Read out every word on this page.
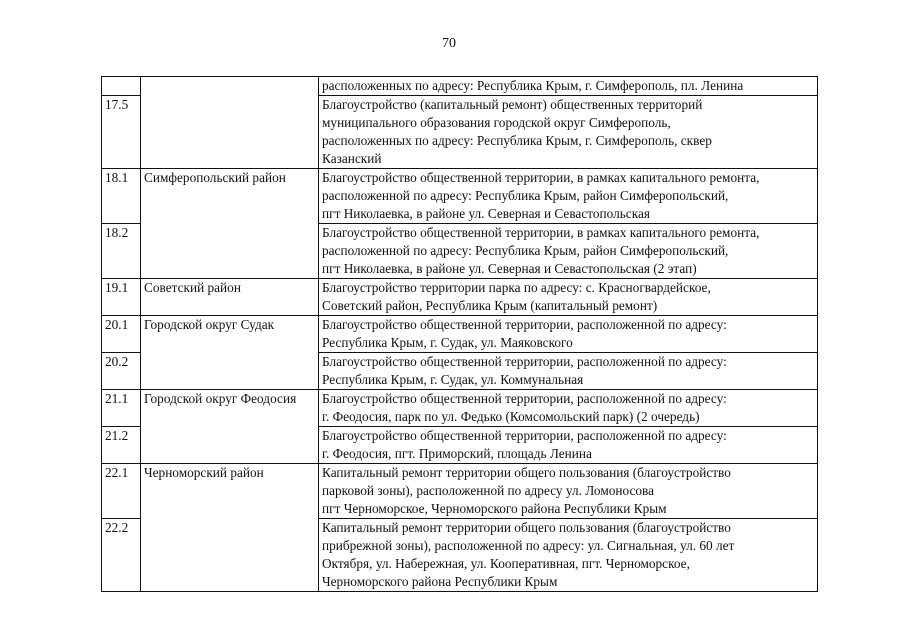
70
		расположенных по адресу: Республика Крым, г. Симферополь, пл. Ленина
17.5		Благоустройство (капитальный ремонт) общественных территорий
муниципального образования городской округ Симферополь,
расположенных по адресу: Республика Крым, г. Симферополь, сквер
Казанский
18.1	Симферопольский район	Благоустройство общественной территории, в рамках капитального ремонта,
расположенной по адресу: Республика Крым, район Симферопольский,
пгт Николаевка, в районе ул. Северная и Севастопольская
18.2		Благоустройство общественной территории, в рамках капитального ремонта,
расположенной по адресу: Республика Крым, район Симферопольский,
пгт Николаевка, в районе ул. Северная и Севастопольская (2 этап)
19.1	Советский район	Благоустройство территории парка по адресу: с. Красногвардейское,
Советский район, Республика Крым (капитальный ремонт)
20.1	Городской округ Судак	Благоустройство общественной территории, расположенной по адресу:
Республика Крым, г. Судак, ул. Маяковского
20.2		Благоустройство общественной территории, расположенной по адресу:
Республика Крым, г. Судак, ул. Коммунальная
21.1	Городской округ Феодосия	Благоустройство общественной территории, расположенной по адресу:
г. Феодосия, парк по ул. Федько (Комсомольский парк) (2 очередь)
21.2		Благоустройство общественной территории, расположенной по адресу:
г. Феодосия, пгт. Приморский, площадь Ленина
22.1	Черноморский район	Капитальный ремонт территории общего пользования (благоустройство
парковой зоны), расположенной по адресу ул. Ломоносова
пгт Черноморское, Черноморского района Республики Крым
22.2		Капитальный ремонт территории общего пользования (благоустройство
прибрежной зоны), расположенной по адресу: ул. Сигнальная, ул. 60 лет
Октября, ул. Набережная, ул. Кооперативная, пгт. Черноморское,
Черноморского района Республики Крым
